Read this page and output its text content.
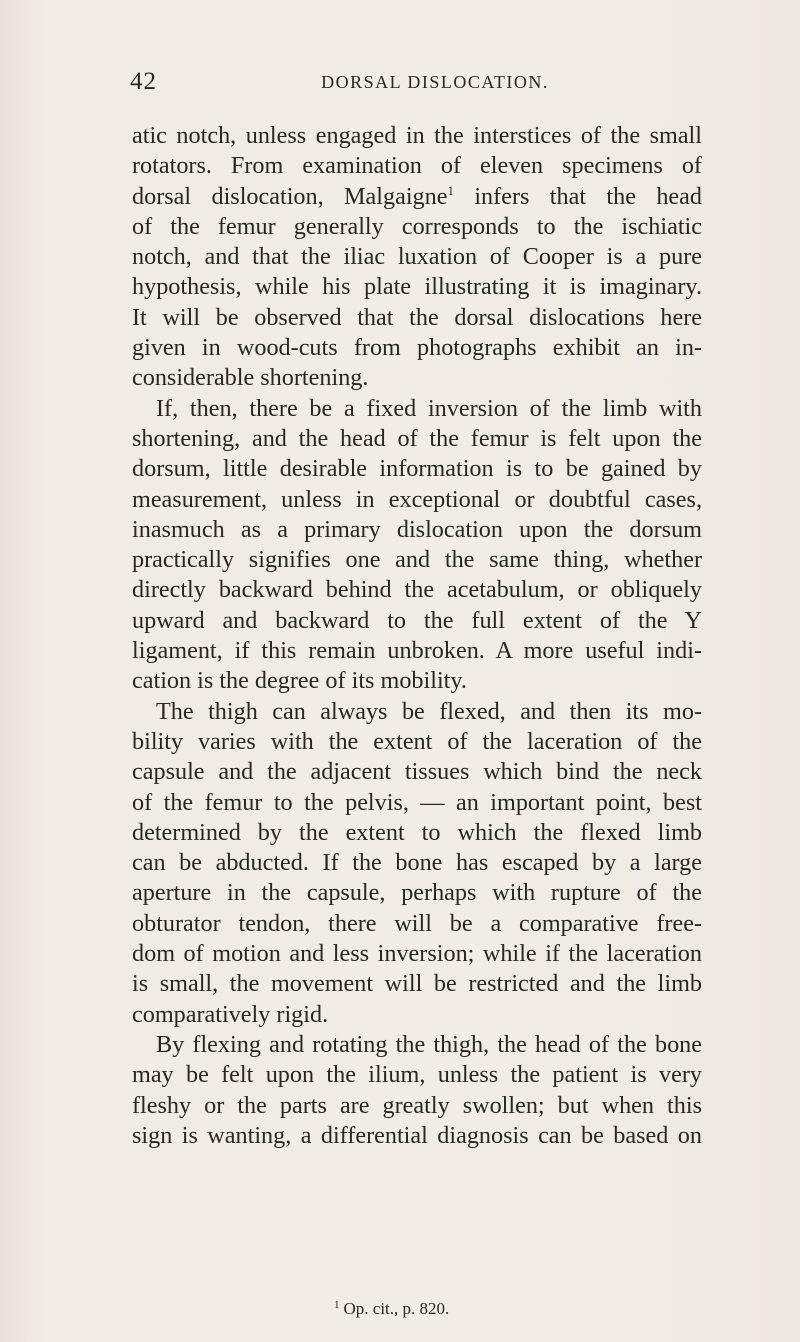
42	DORSAL DISLOCATION.
atic notch, unless engaged in the interstices of the small
rotators. From examination of eleven specimens of
dorsal dislocation, Malgaigne$^1$ infers that the head
of the femur generally corresponds to the ischiatic
notch, and that the iliac luxation of Cooper is a pure
hypothesis, while his plate illustrating it is imaginary.
It will be observed that the dorsal dislocations here
given in wood-cuts from photographs exhibit an in-
considerable shortening.
If, then, there be a fixed inversion of the limb with
shortening, and the head of the femur is felt upon the
dorsum, little desirable information is to be gained by
measurement, unless in exceptional or doubtful cases,
inasmuch as a primary dislocation upon the dorsum
practically signifies one and the same thing, whether
directly backward behind the acetabulum, or obliquely
upward and backward to the full extent of the Y
ligament, if this remain unbroken. A more useful indi-
cation is the degree of its mobility.
The thigh can always be flexed, and then its mo-
bility varies with the extent of the laceration of the
capsule and the adjacent tissues which bind the neck
of the femur to the pelvis, — an important point, best
determined by the extent to which the flexed limb
can be abducted. If the bone has escaped by a large
aperture in the capsule, perhaps with rupture of the
obturator tendon, there will be a comparative free-
dom of motion and less inversion; while if the laceration
is small, the movement will be restricted and the limb
comparatively rigid.
By flexing and rotating the thigh, the head of the bone
may be felt upon the ilium, unless the patient is very
fleshy or the parts are greatly swollen; but when this
sign is wanting, a differential diagnosis can be based on
$^1$ Op. cit., p. 820.
